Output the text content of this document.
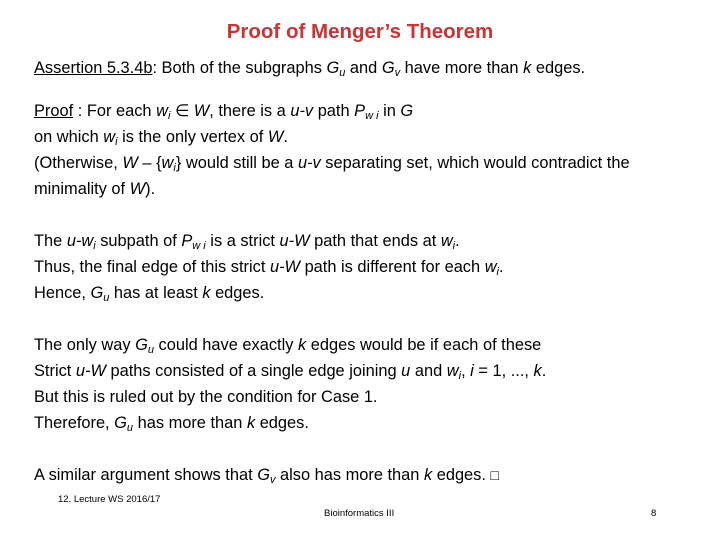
Proof of Menger’s Theorem
Assertion 5.3.4b: Both of the subgraphs $G_u$ and $G_v$ have more than k edges.
Proof : For each $w_i$ ∈ W, there is a u-v path $P_{w i}$ in G
on which $w_i$ is the only vertex of W.
(Otherwise, W – $\{w_i\}$ would still be a u-v separating set, which would contradict the
minimality of W).
The $u-w_i$ subpath of $P_{w i}$ is a strict u-W path that ends at $w_i$.
Thus, the final edge of this strict u-W path is different for each $w_i$.
Hence, $G_u$ has at least k edges.
The only way $G_u$ could have exactly k edges would be if each of these
Strict u-W paths consisted of a single edge joining u and $w_i$, i = 1, ..., k.
But this is ruled out by the condition for Case 1.
Therefore, $G_u$ has more than k edges.
A similar argument shows that $G_v$ also has more than k edges. □
12. Lecture WS 2016/17
Bioinformatics III	8
